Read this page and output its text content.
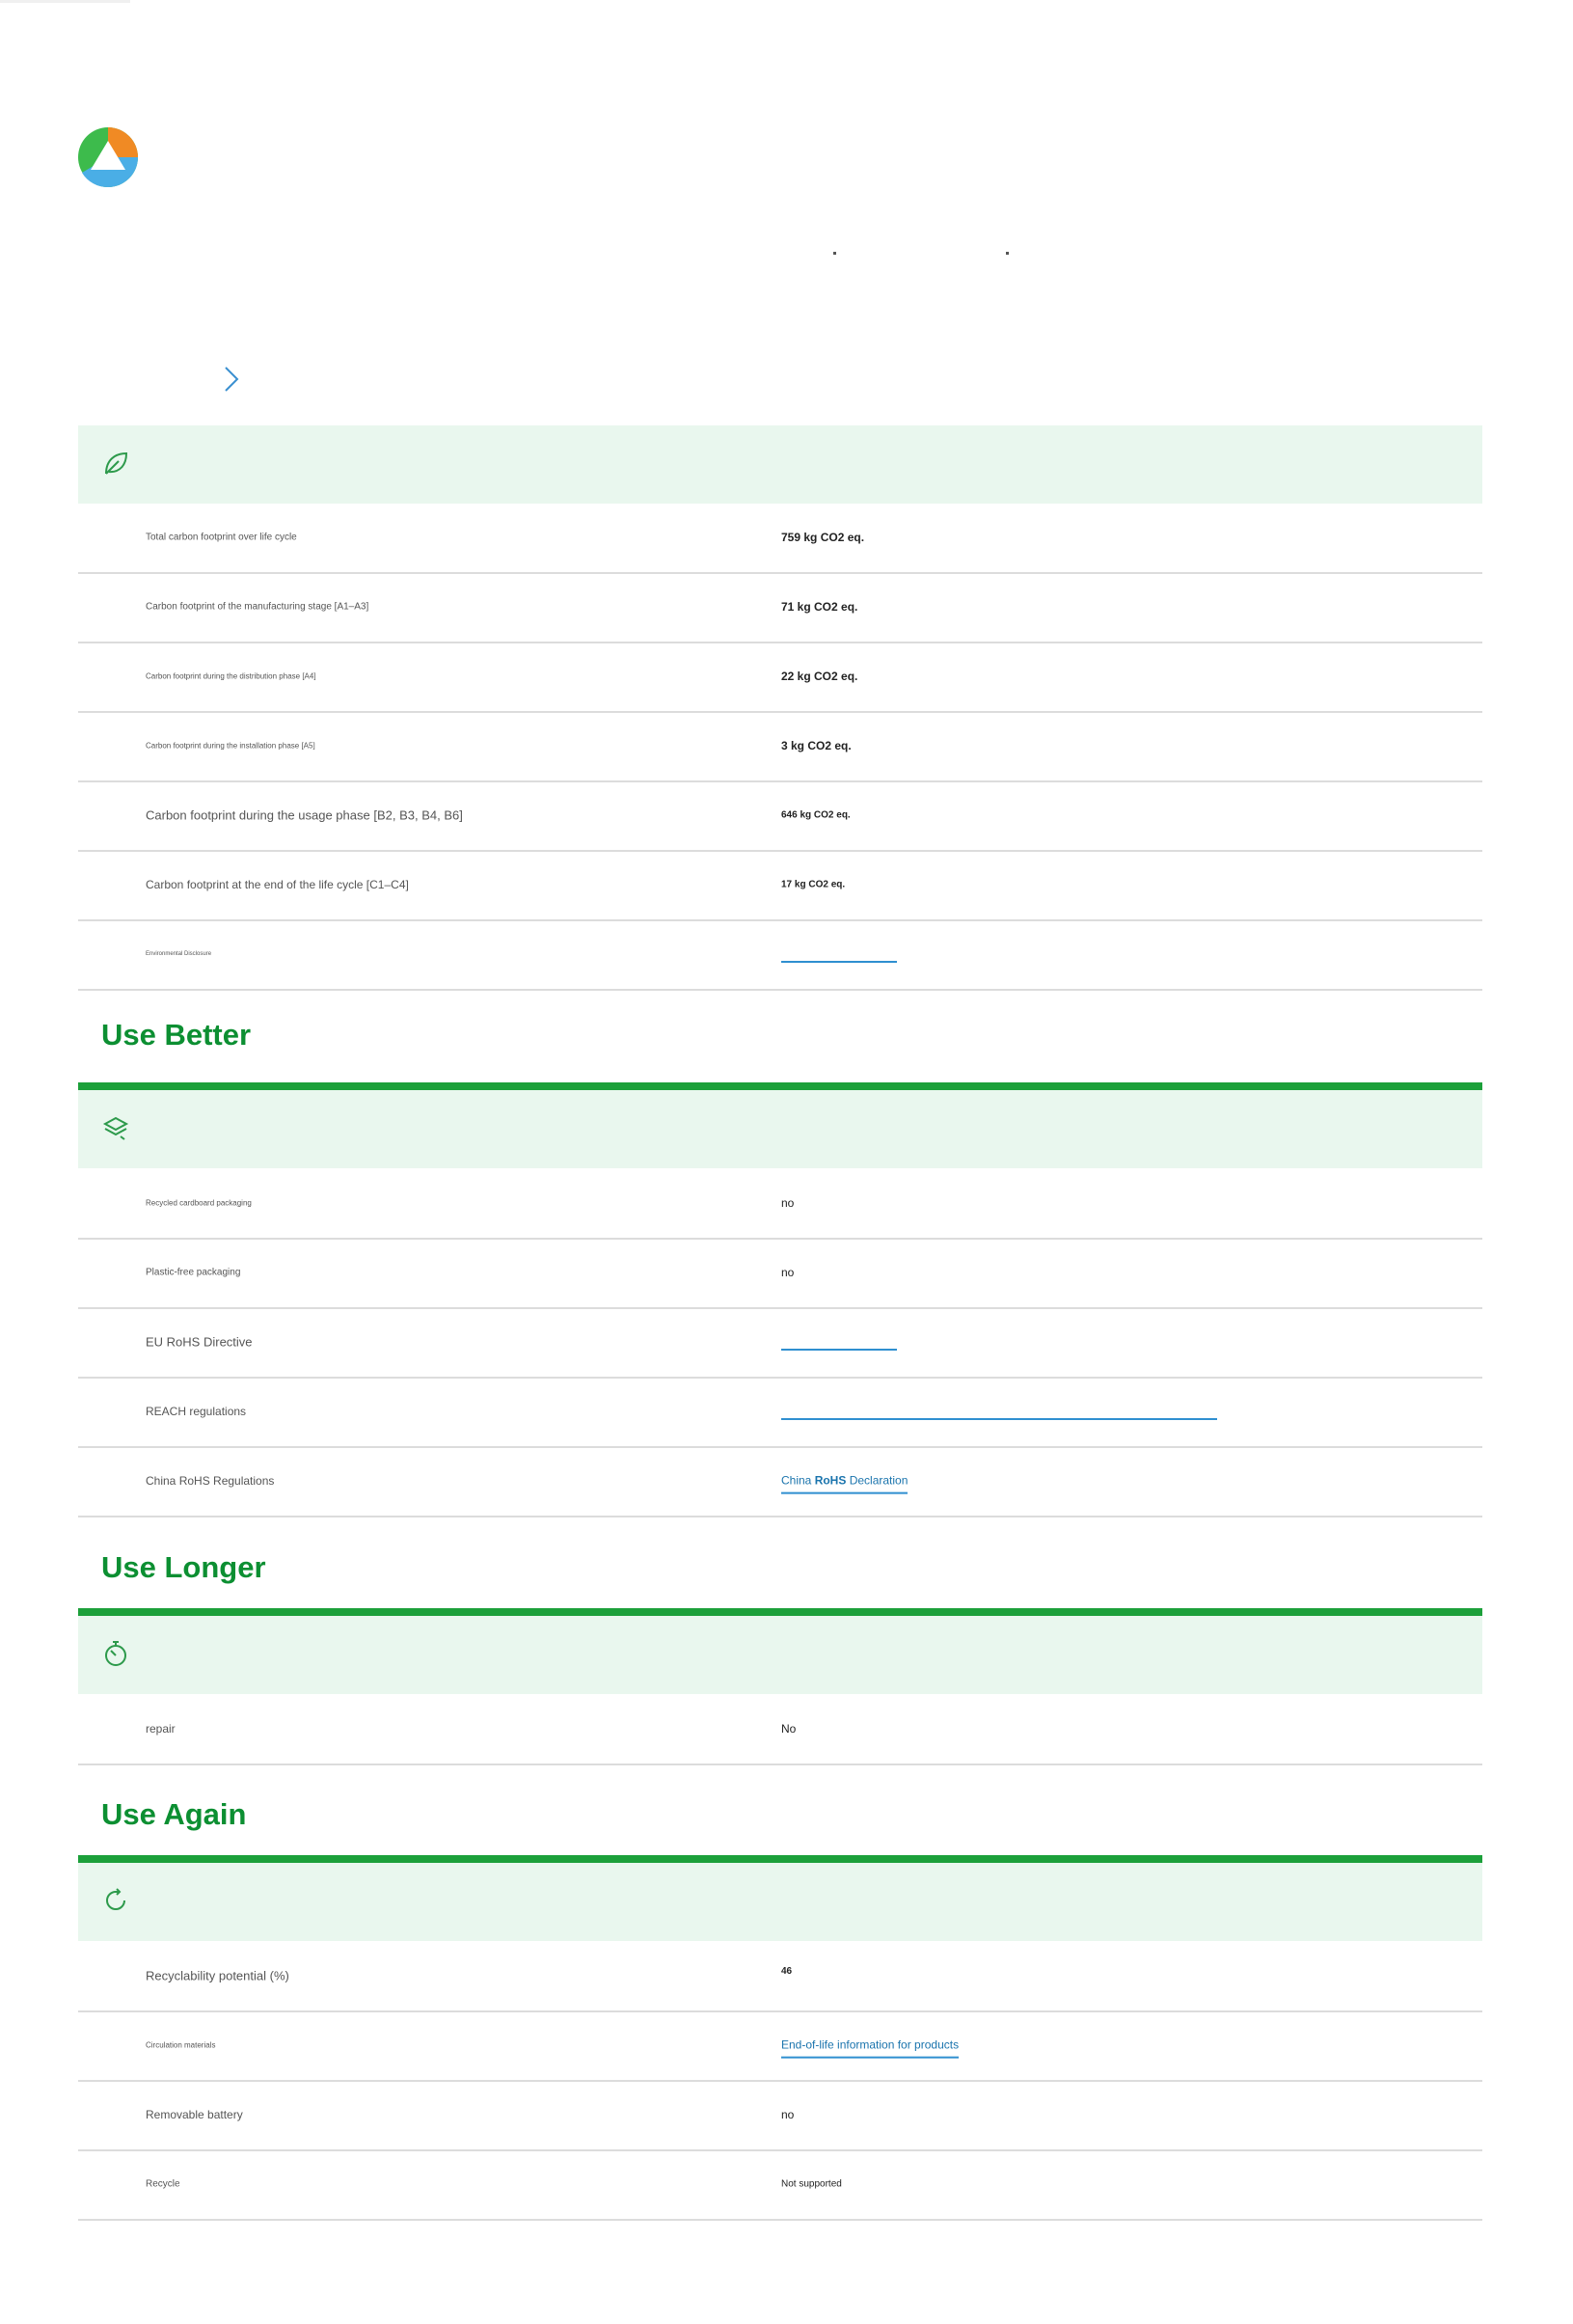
Total carbon footprint over life cycle	759 kg CO2 eq.
Carbon footprint of the manufacturing stage [A1–A3]	71 kg CO2 eq.
Carbon footprint during the distribution phase [A4]	22 kg CO2 eq.
Carbon footprint during the installation phase [A5]	3 kg CO2 eq.
Carbon footprint during the usage phase [B2, B3, B4, B6]	646 kg CO2 eq.
Carbon footprint at the end of the life cycle [C1–C4]	17 kg CO2 eq.
Environmental Disclosure
Use Better
Recycled cardboard packaging	no
Plastic-free packaging	no
EU RoHS Directive
REACH regulations
China RoHS Regulations	China RoHS Declaration
Use Longer
repair	No
Use Again
Recyclability potential (%)	46
Circulation materials	End-of-life information for products
Removable battery	no
Recycle	Not supported
